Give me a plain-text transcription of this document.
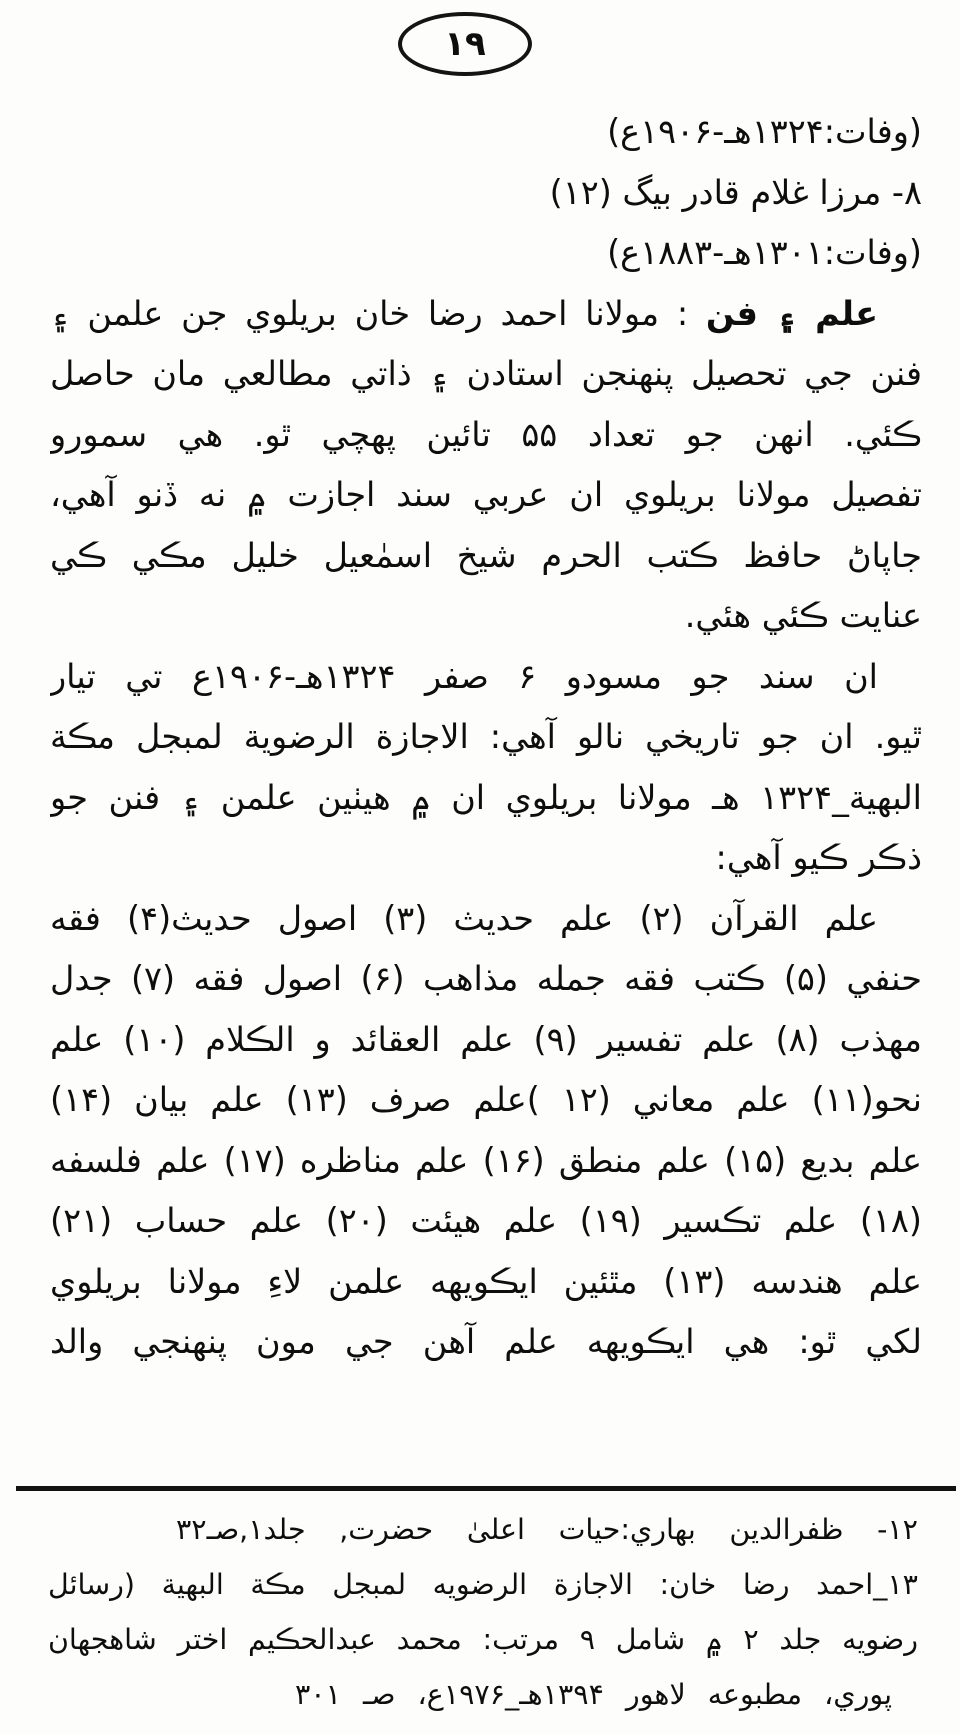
۱۹
(وفات:۱۳۲۴هـ-۱۹۰۶ع)
۸- مرزا غلام قادر بيگ (۱۲)
(وفات:۱۳۰۱هـ-۱۸۸۳ع)
علم ۽ فن : مولانا احمد رضا خان بريلوي جن علمن ۽
فنن جي تحصيل پنهنجن استادن ۽ ذاتي مطالعي مان حاصل
ڪئي. انهن جو تعداد ۵۵ تائين پهچي ٿو. هي سمورو
تفصيل مولانا بريلوي ان عربي سند اجازت ۾ نه ڏنو آهي،
جاپاڻ حافظ ڪتب الحرم شيخ اسمٰعيل خليل مڪي ڪي
عنايت ڪئي هئي.
ان سند جو مسودو ۶ صفر ۱۳۲۴هـ-۱۹۰۶ع تي تيار
ٿيو. ان جو تاريخي نالو آهي: الاجازة الرضوية لمبجل مڪة
البهية_۱۳۲۴ هـ مولانا بريلوي ان ۾ هيٺين علمن ۽ فنن جو
ذڪر ڪيو آهي:
علم القرآن (۲) علم حديث (۳) اصول حديث(۴) فقه
حنفي (۵) ڪتب فقه جمله مذاهب (۶) اصول فقه (۷) جدل
مهذب (۸) علم تفسير (۹) علم العقائد و الڪلام (۱۰) علم
نحو(۱۱) علم معاني (۱۲ )علم صرف (۱۳) علم بيان (۱۴)
علم بديع (۱۵) علم منطق (۱۶) علم مناظره (۱۷) علم فلسفه
(۱۸) علم تڪسير (۱۹) علم هيئت (۲۰) علم حساب (۲۱)
علم هندسه (۱۳) مٿئين ايڪويهه علمن لاءِ مولانا بريلوي
لکي ٿو: هي ايڪويهه علم آهن جي مون پنهنجي والد
۱۲- ظفرالدين بهاري:حيات اعلیٰ حضرت, جلد۱,صـ۳۲
۱۳_احمد رضا خان: الاجازة الرضويه لمبجل مڪة البهية (رسائل
رضويه جلد ۲ ۾ شامل ۹ مرتب: محمد عبدالحڪيم اختر شاهجهان
پوري، مطبوعه لاهور ۱۳۹۴هـ_۱۹۷۶ع، صـ ۳۰۱
